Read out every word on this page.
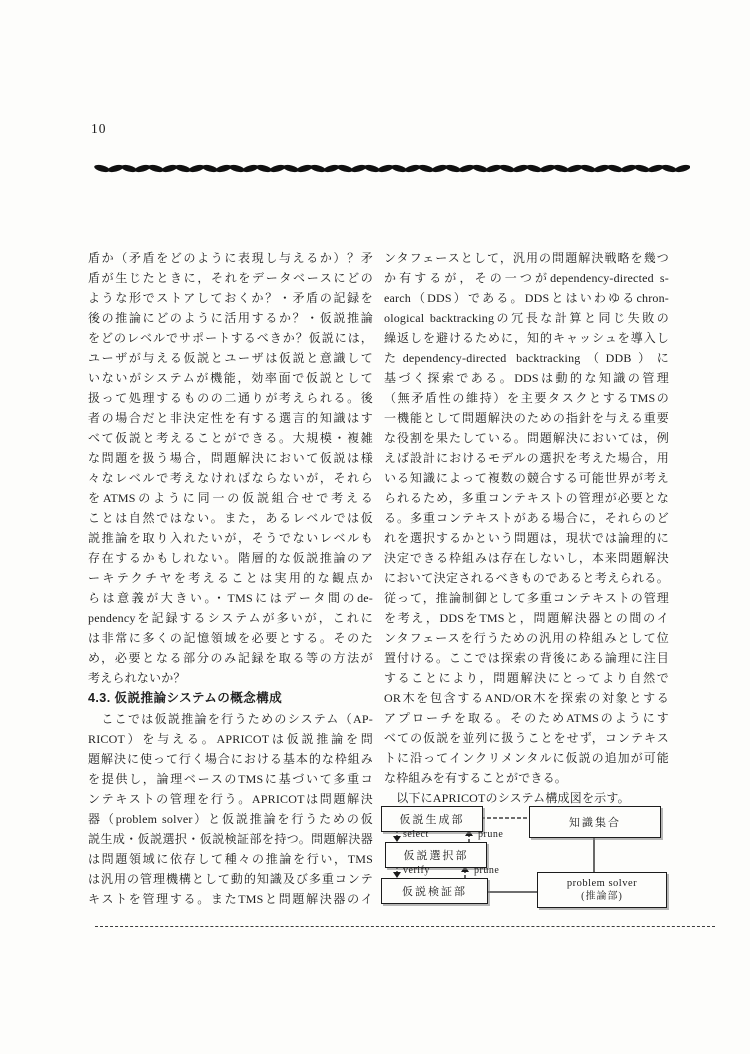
10
盾か（矛盾をどのように表現し与えるか）？矛
盾が生じたときに，それをデータベースにどの
ような形でストアしておくか？・矛盾の記録を
後の推論にどのように活用するか？・仮説推論
をどのレベルでサポートするべきか？仮説には，
ユーザが与える仮説とユーザは仮説と意識して
いないがシステムが機能，効率面で仮説として
扱って処理するものの二通りが考えられる。後
者の場合だと非決定性を有する選言的知識はす
べて仮説と考えることができる。大規模・複雑
な問題を扱う場合，問題解決において仮説は様
々なレベルで考えなければならないが，それら
をATMSのように同一の仮説組合せで考える
ことは自然ではない。また，あるレベルでは仮
説推論を取り入れたいが，そうでないレベルも
存在するかもしれない。階層的な仮説推論のア
ーキテクチヤを考えることは実用的な観点か
らは意義が大きい。・TMSにはデータ間のde-
pendencyを記録するシステムが多いが，これに
は非常に多くの記憶領域を必要とする。そのた
め，必要となる部分のみ記録を取る等の方法が
考えられないか？
4.3. 仮説推論システムの概念構成
　ここでは仮説推論を行うためのシステム（AP-
RICOT）を与える。APRICOTは仮説推論を問
題解決に使って行く場合における基本的な枠組み
を提供し，論理ベースのTMSに基づいて多重コ
ンテキストの管理を行う。APRICOTは問題解決
器（problem solver）と仮説推論を行うための仮
説生成・仮説選択・仮説検証部を持つ。問題解決器
は問題領域に依存して種々の推論を行い，TMS
は汎用の管理機構として動的知識及び多重コンテ
キストを管理する。またTMSと問題解決器のイ
ンタフェースとして，汎用の問題解決戦略を幾つ
か有するが，その一つがdependency-directed s-
earch（DDS）である。DDSとはいわゆるchron-
ological backtrackingの冗長な計算と同じ失敗の
繰返しを避けるために，知的キャッシュを導入し
たdependency-directed backtracking（DDB）に
基づく探索である。DDSは動的な知識の管理
（無矛盾性の維持）を主要タスクとするTMSの
一機能として問題解決のための指針を与える重要
な役割を果たしている。問題解決においては，例
えば設計におけるモデルの選択を考えた場合，用
いる知識によって複数の競合する可能世界が考え
られるため，多重コンテキストの管理が必要とな
る。多重コンテキストがある場合に，それらのど
れを選択するかという問題は，現状では論理的に
決定できる枠組みは存在しないし，本来問題解決
において決定されるべきものであると考えられる。
従って，推論制御として多重コンテキストの管理
を考え，DDSをTMSと，問題解決器との間のイ
ンタフェースを行うための汎用の枠組みとして位
置付ける。ここでは探索の背後にある論理に注目
することにより，問題解決にとってより自然で
OR木を包含するAND/OR木を探索の対象とする
アプローチを取る。そのためATMSのようにす
べての仮説を並列に扱うことをせず，コンテキス
トに沿ってインクリメンタルに仮説の追加が可能
な枠組みを有することができる。
　以下にAPRICOTのシステム構成図を示す。
仮説生成部
仮説選択部
仮説検証部
知識集合
problem solver
(推論部)
select	prune
verify	prune
